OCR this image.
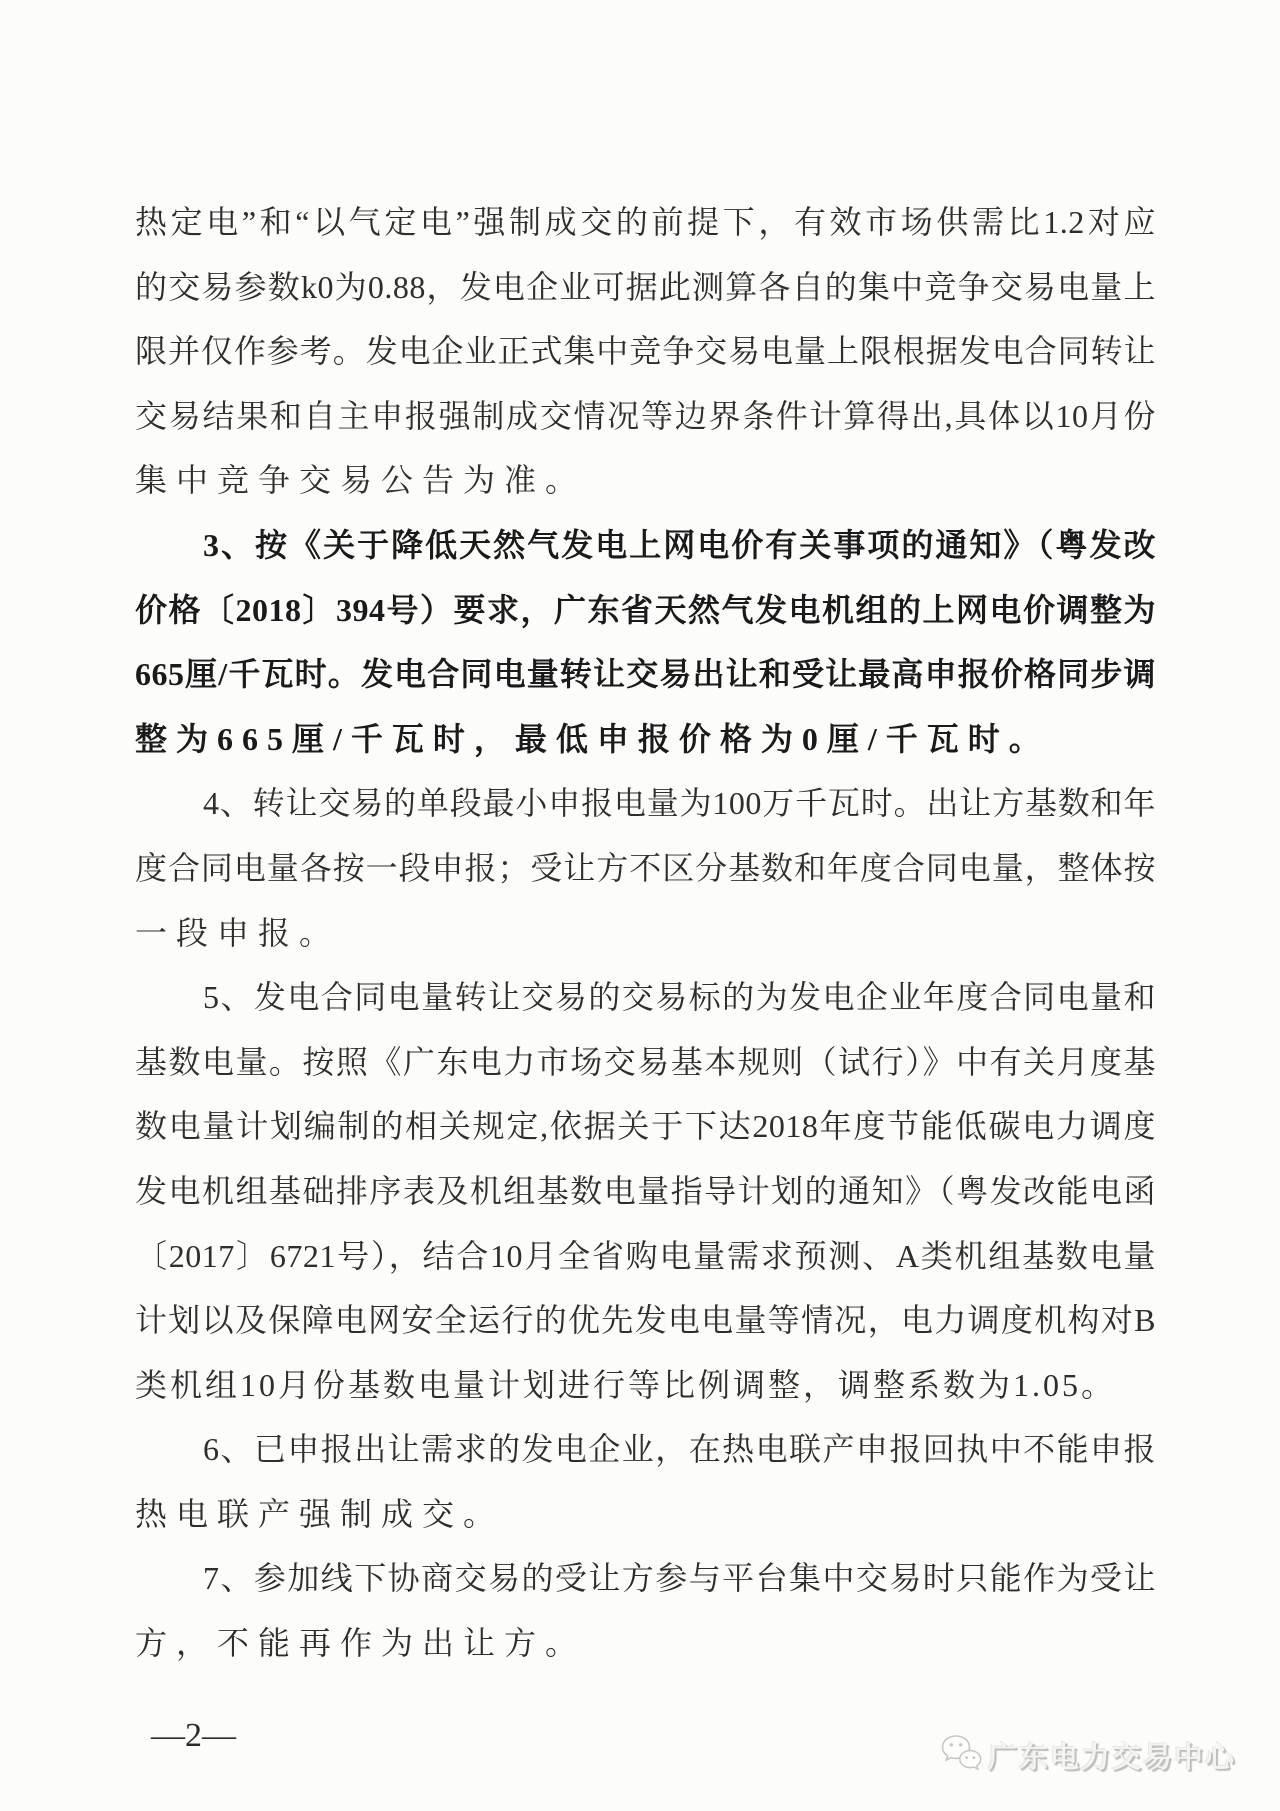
热定电”和“以气定电”强制成交的前提下，有效市场供需比1.2对应
的交易参数k0为0.88，发电企业可据此测算各自的集中竞争交易电量上
限并仅作参考。发电企业正式集中竞争交易电量上限根据发电合同转让
交易结果和自主申报强制成交情况等边界条件计算得出,具体以10月份
集中竞争交易公告为准。
3、按《关于降低天然气发电上网电价有关事项的通知》（粤发改
价格〔2018〕394号）要求，广东省天然气发电机组的上网电价调整为
665厘/千瓦时。发电合同电量转让交易出让和受让最高申报价格同步调
整为665厘/千瓦时，最低申报价格为0厘/千瓦时。
4、转让交易的单段最小申报电量为100万千瓦时。出让方基数和年
度合同电量各按一段申报；受让方不区分基数和年度合同电量，整体按
一段申报。
5、发电合同电量转让交易的交易标的为发电企业年度合同电量和
基数电量。按照《广东电力市场交易基本规则（试行）》中有关月度基
数电量计划编制的相关规定,依据关于下达2018年度节能低碳电力调度
发电机组基础排序表及机组基数电量指导计划的通知》（粤发改能电函
〔2017〕6721号），结合10月全省购电量需求预测、A类机组基数电量
计划以及保障电网安全运行的优先发电电量等情况，电力调度机构对B
类机组10月份基数电量计划进行等比例调整，调整系数为1.05。
6、已申报出让需求的发电企业，在热电联产申报回执中不能申报
热电联产强制成交。
7、参加线下协商交易的受让方参与平台集中交易时只能作为受让
方，不能再作为出让方。
—2—
广东电力交易中心
